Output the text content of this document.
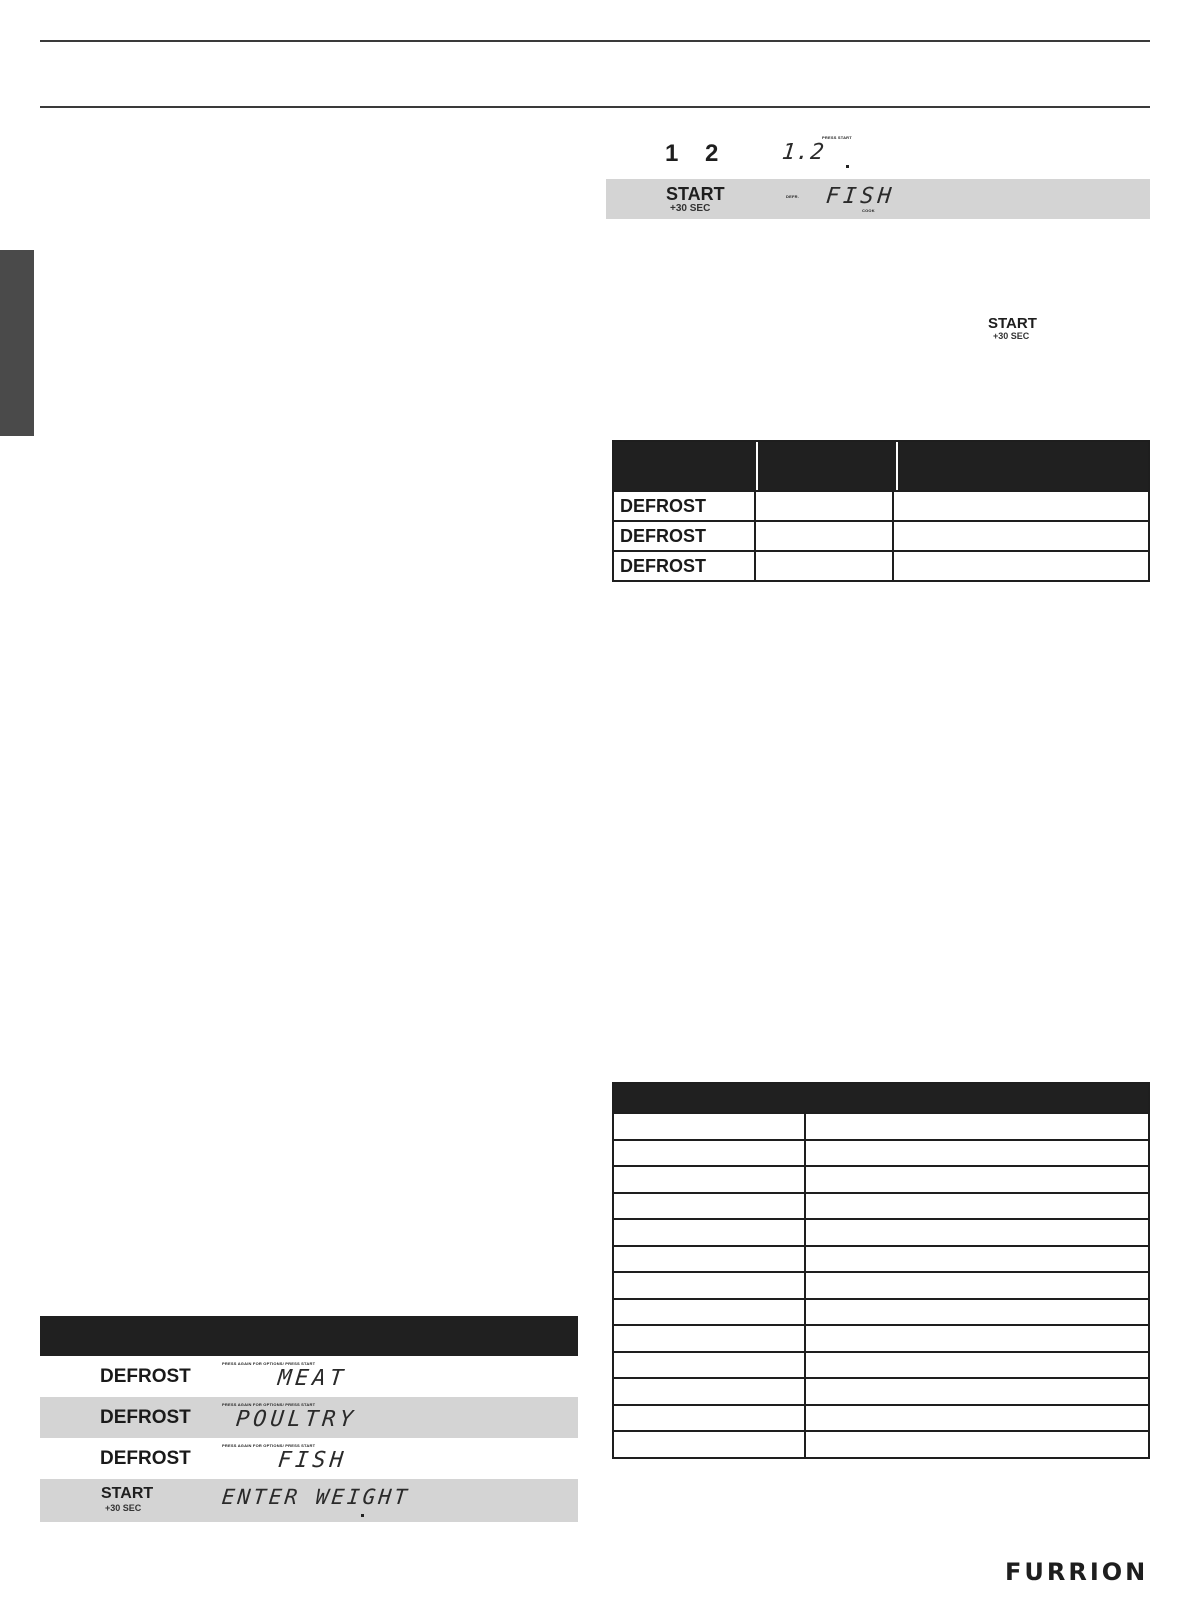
1 2	1.2
PRESS START
START
+30 SEC
DEFR. FISH
COOK
START
+30 SEC
DEFROST
DEFROST
DEFROST
DEFROST
PRESS AGAIN FOR OPTIONS/ PRESS START
MEAT
DEFROST
PRESS AGAIN FOR OPTIONS/ PRESS START
POULTRY
DEFROST
PRESS AGAIN FOR OPTIONS/ PRESS START
FISH
START
+30 SEC	ENTER WEIGHT
FURRION
